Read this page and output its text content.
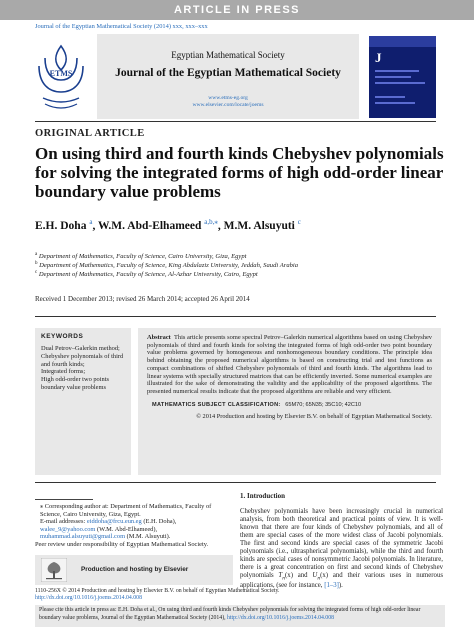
ARTICLE IN PRESS
Journal of the Egyptian Mathematical Society (2014) xxx, xxx–xxx
ETMS
Egyptian Mathematical Society
Journal of the Egyptian Mathematical Society
www.etms-eg.org
www.elsevier.com/locate/joems
J
ORIGINAL ARTICLE
On using third and fourth kinds Chebyshev polynomials for solving the integrated forms of high odd-order linear boundary value problems
E.H. Doha $^a$, W.M. Abd-Elhameed $^{a,b,⁎}$, M.M. Alsuyuti $^c$
$^a$ Department of Mathematics, Faculty of Science, Cairo University, Giza, Egypt
$^b$ Department of Mathematics, Faculty of Science, King Abdulaziz University, Jeddah, Saudi Arabia
$^c$ Department of Mathematics, Faculty of Science, Al-Azhar University, Cairo, Egypt
Received 1 December 2013; revised 26 March 2014; accepted 26 April 2014
KEYWORDS
Dual Petrov–Galerkin method;
Chebyshev polynomials of third and fourth kinds;
Integrated forms;
High odd-order two points boundary value problems
Abstract This article presents some spectral Petrov–Galerkin numerical algorithms based on using Chebyshev polynomials of third and fourth kinds for solving the integrated forms of high odd-order two point boundary value problems governed by homogeneous and nonhomogeneous boundary conditions. The principle idea behind obtaining the proposed numerical algorithms is based on constructing trial and test functions as compact combinations of shifted Chebyshev polynomials of third and fourth kinds. The algorithms lead to linear systems with specially structured matrices that can be efficiently inverted. Some numerical examples are illustrated for the sake of demonstrating the validity and the applicability of the proposed algorithms. The presented numerical results indicate that the proposed algorithms are reliable and very efficient.
MATHEMATICS SUBJECT CLASSIFICATION: 65M70; 65N35; 35C10; 42C10
© 2014 Production and hosting by Elsevier B.V. on behalf of Egyptian Mathematical Society.
1. Introduction
Chebyshev polynomials have been increasingly crucial in numerical analysis, from both theoretical and practical points of view. It is well-known that there are four kinds of Chebyshev polynomials, and all of them are special cases of the more widest class of Jacobi polynomials. The first and second kinds are special cases of the symmetric Jacobi polynomials (i.e., ultraspherical polynomials), while the third and fourth kinds are special cases of nonsymmetric Jacobi polynomials. In literature, there is a great concentration on first and second kinds of Chebyshev polynomials $T_n(x)$ and $U_n(x)$ and their various uses in numerous applications, (see for instance, [1–3]).
⁎ Corresponding author at: Department of Mathematics, Faculty of Science, Cairo University, Giza, Egypt.
E-mail addresses: eiddoha@frcu.eun.eg (E.H. Doha), walee_9@yahoo.com (W.M. Abd-Elhameed), muhammad.alsuyuti@gmail.com (M.M. Alsuyuti).
Peer review under responsibility of Egyptian Mathematical Society.
Production and hosting by Elsevier
1110-256X © 2014 Production and hosting by Elsevier B.V. on behalf of Egyptian Mathematical Society.
http://dx.doi.org/10.1016/j.joems.2014.04.008
Please cite this article in press as: E.H. Doha et al., On using third and fourth kinds Chebyshev polynomials for solving the integrated forms of high odd-order linear boundary value problems, Journal of the Egyptian Mathematical Society (2014), http://dx.doi.org/10.1016/j.joems.2014.04.008
